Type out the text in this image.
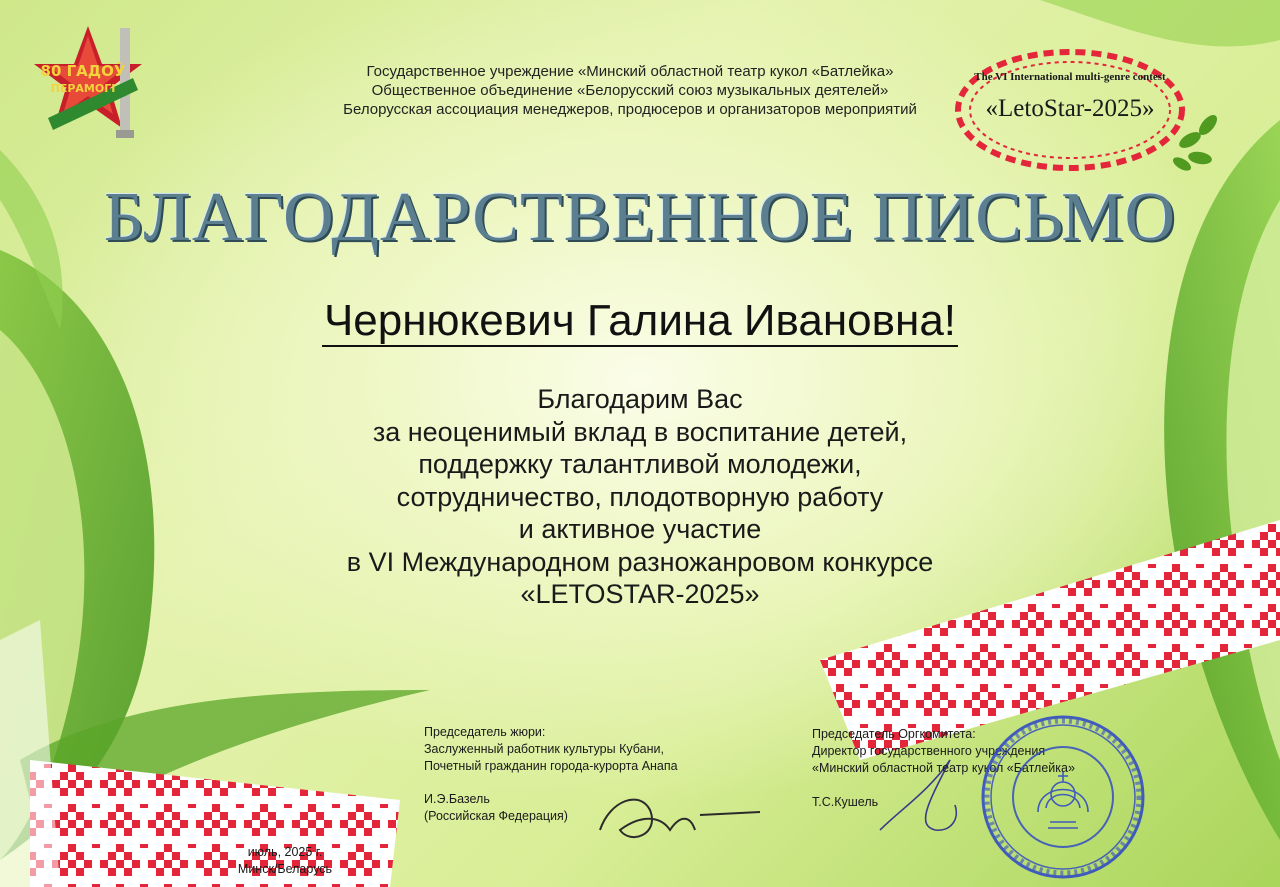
80 ГАДОЎ
ПЕРАМОГІ
Государственное учреждение «Минский областной театр кукол «Батлейка»
Общественное объединение «Белорусский союз музыкальных деятелей»
Белорусская ассоциация менеджеров, продюсеров и организаторов мероприятий
The VI International multi-genre contest
«LetoStar-2025»
БЛАГОДАРСТВЕННОЕ ПИСЬМО
Чернюкевич Галина Ивановна!
Благодарим Вас
за неоценимый вклад в воспитание детей,
поддержку талантливой молодежи,
сотрудничество, плодотворную работу
и активное участие
в VI Международном разножанровом конкурсе
«LETOSTAR-2025»
Председатель жюри:
Заслуженный работник культуры Кубани,
Почетный гражданин города-курорта Анапа
И.Э.Базель
(Российская Федерация)
Председатель Оргкомитета:
Директор государственного учреждения
«Минский областной театр кукол «Батлейка»
Т.С.Кушель
июль, 2025 г.
Минск/Беларусь
